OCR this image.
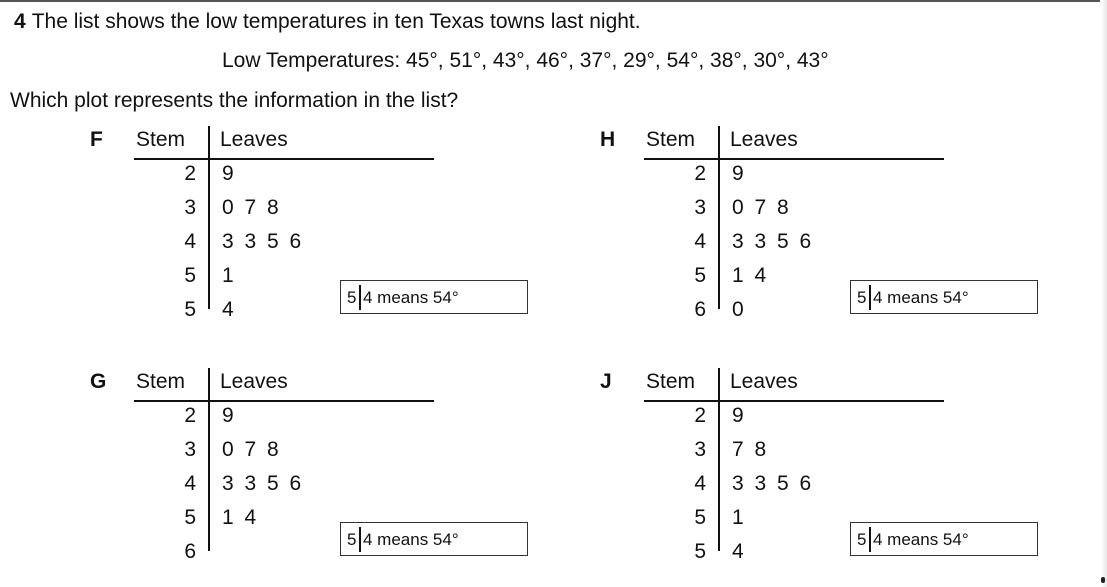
4 The list shows the low temperatures in ten Texas towns last night.
Low Temperatures: 45°, 51°, 43°, 46°, 37°, 29°, 54°, 38°, 30°, 43°
Which plot represents the information in the list?
F Stem Leaves
2 9
3 0 7 8
4 3 3 5 6
5 1
5 4
5 4 means 54°
H Stem Leaves
2 9
3 0 7 8
4 3 3 5 6
5 1 4
6 0
5 4 means 54°
G Stem Leaves
2 9
3 0 7 8
4 3 3 5 6
5 1 4
6
5 4 means 54°
J Stem Leaves
2 9
3 7 8
4 3 3 5 6
5 1
5 4
5 4 means 54°
